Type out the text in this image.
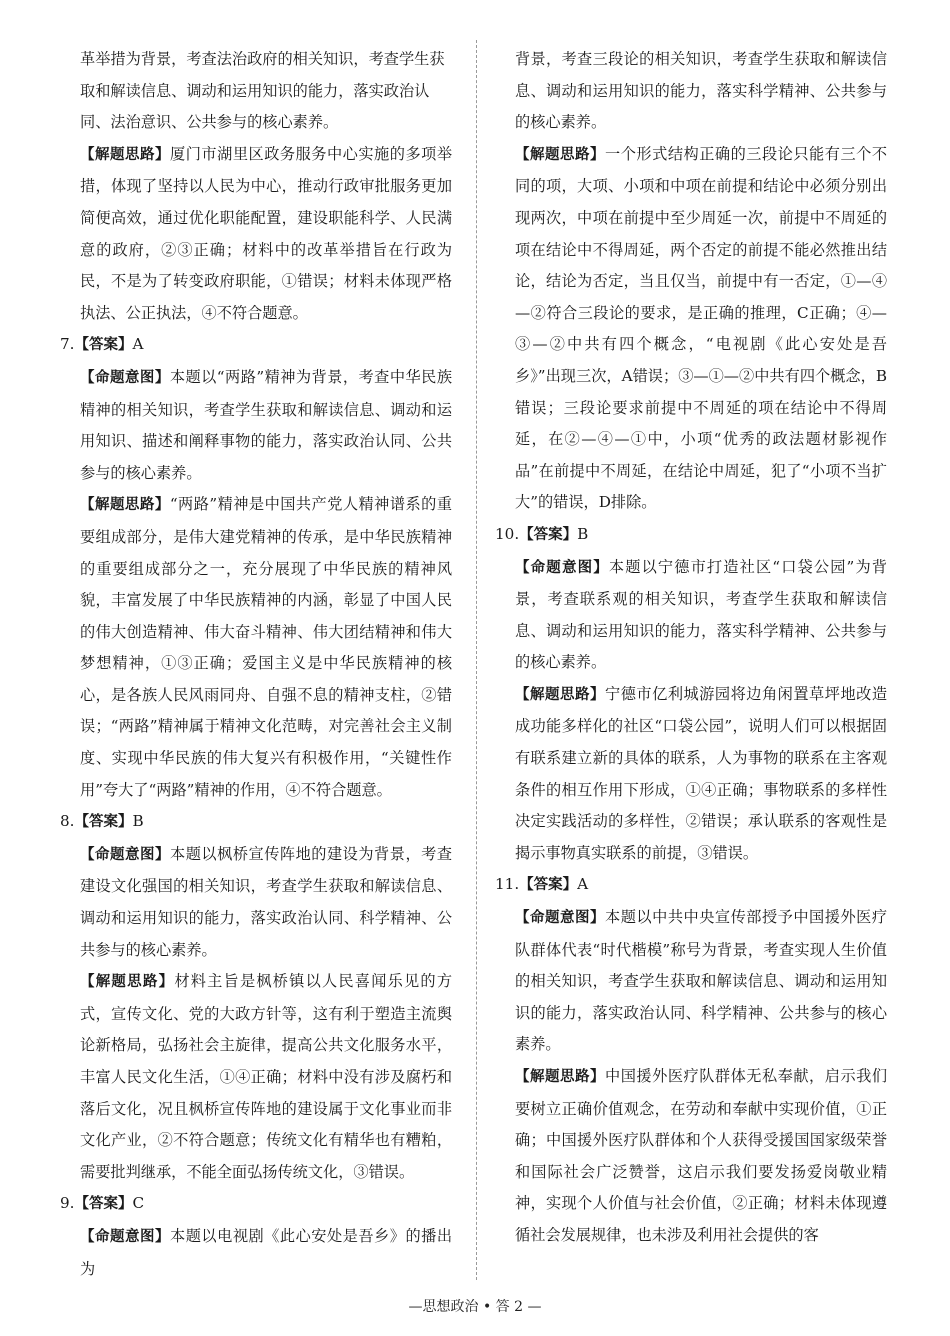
革举措为背景，考查法治政府的相关知识，考查学生获

取和解读信息、调动和运用知识的能力，落实政治认

同、法治意识、公共参与的核心素养。

【解题思路】厦门市湖里区政务服务中心实施的多项举措，体现了坚持以人民为中心，推动行政审批服务更加简便高效，通过优化职能配置，建设职能科学、人民满意的政府，②③正确；材料中的改革举措旨在行政为民，不是为了转变政府职能，①错误；材料未体现严格执法、公正执法，④不符合题意。

7.【答案】A

【命题意图】本题以“两路”精神为背景，考查中华民族精神的相关知识，考查学生获取和解读信息、调动和运用知识、描述和阐释事物的能力，落实政治认同、公共参与的核心素养。

【解题思路】“两路”精神是中国共产党人精神谱系的重要组成部分，是伟大建党精神的传承，是中华民族精神的重要组成部分之一，充分展现了中华民族的精神风貌，丰富发展了中华民族精神的内涵，彰显了中国人民的伟大创造精神、伟大奋斗精神、伟大团结精神和伟大梦想精神，①③正确；爱国主义是中华民族精神的核心，是各族人民风雨同舟、自强不息的精神支柱，②错误；“两路”精神属于精神文化范畴，对完善社会主义制度、实现中华民族的伟大复兴有积极作用，“关键性作用”夸大了“两路”精神的作用，④不符合题意。

8.【答案】B

【命题意图】本题以枫桥宣传阵地的建设为背景，考查建设文化强国的相关知识，考查学生获取和解读信息、调动和运用知识的能力，落实政治认同、科学精神、公共参与的核心素养。

【解题思路】材料主旨是枫桥镇以人民喜闻乐见的方式，宣传文化、党的大政方针等，这有利于塑造主流舆论新格局，弘扬社会主旋律，提高公共文化服务水平，丰富人民文化生活，①④正确；材料中没有涉及腐朽和落后文化，况且枫桥宣传阵地的建设属于文化事业而非文化产业，②不符合题意；传统文化有精华也有糟粕，需要批判继承，不能全面弘扬传统文化，③错误。

9.【答案】C

【命题意图】本题以电视剧《此心安处是吾乡》的播出为

背景，考查三段论的相关知识，考查学生获取和解读信息、调动和运用知识的能力，落实科学精神、公共参与的核心素养。

【解题思路】一个形式结构正确的三段论只能有三个不同的项，大项、小项和中项在前提和结论中必须分别出现两次，中项在前提中至少周延一次，前提中不周延的项在结论中不得周延，两个否定的前提不能必然推出结论，结论为否定，当且仅当，前提中有一否定，①—④—②符合三段论的要求，是正确的推理，C正确；④—③—②中共有四个概念，“电视剧《此心安处是吾乡》”出现三次，A错误；③—①—②中共有四个概念，B错误；三段论要求前提中不周延的项在结论中不得周延，在②—④—①中，小项“优秀的政法题材影视作品”在前提中不周延，在结论中周延，犯了“小项不当扩大”的错误，D排除。

10.【答案】B

【命题意图】本题以宁德市打造社区“口袋公园”为背景，考查联系观的相关知识，考查学生获取和解读信息、调动和运用知识的能力，落实科学精神、公共参与的核心素养。

【解题思路】宁德市亿利城游园将边角闲置草坪地改造成功能多样化的社区“口袋公园”，说明人们可以根据固有联系建立新的具体的联系，人为事物的联系在主客观条件的相互作用下形成，①④正确；事物联系的多样性决定实践活动的多样性，②错误；承认联系的客观性是揭示事物真实联系的前提，③错误。

11.【答案】A

【命题意图】本题以中共中央宣传部授予中国援外医疗队群体代表“时代楷模”称号为背景，考查实现人生价值的相关知识，考查学生获取和解读信息、调动和运用知识的能力，落实政治认同、科学精神、公共参与的核心素养。

【解题思路】中国援外医疗队群体无私奉献，启示我们要树立正确价值观念，在劳动和奉献中实现价值，①正确；中国援外医疗队群体和个人获得受援国国家级荣誉和国际社会广泛赞誉，这启示我们要发扬爱岗敬业精神，实现个人价值与社会价值，②正确；材料未体现遵循社会发展规律，也未涉及利用社会提供的客

—思想政治 • 答 2 —
